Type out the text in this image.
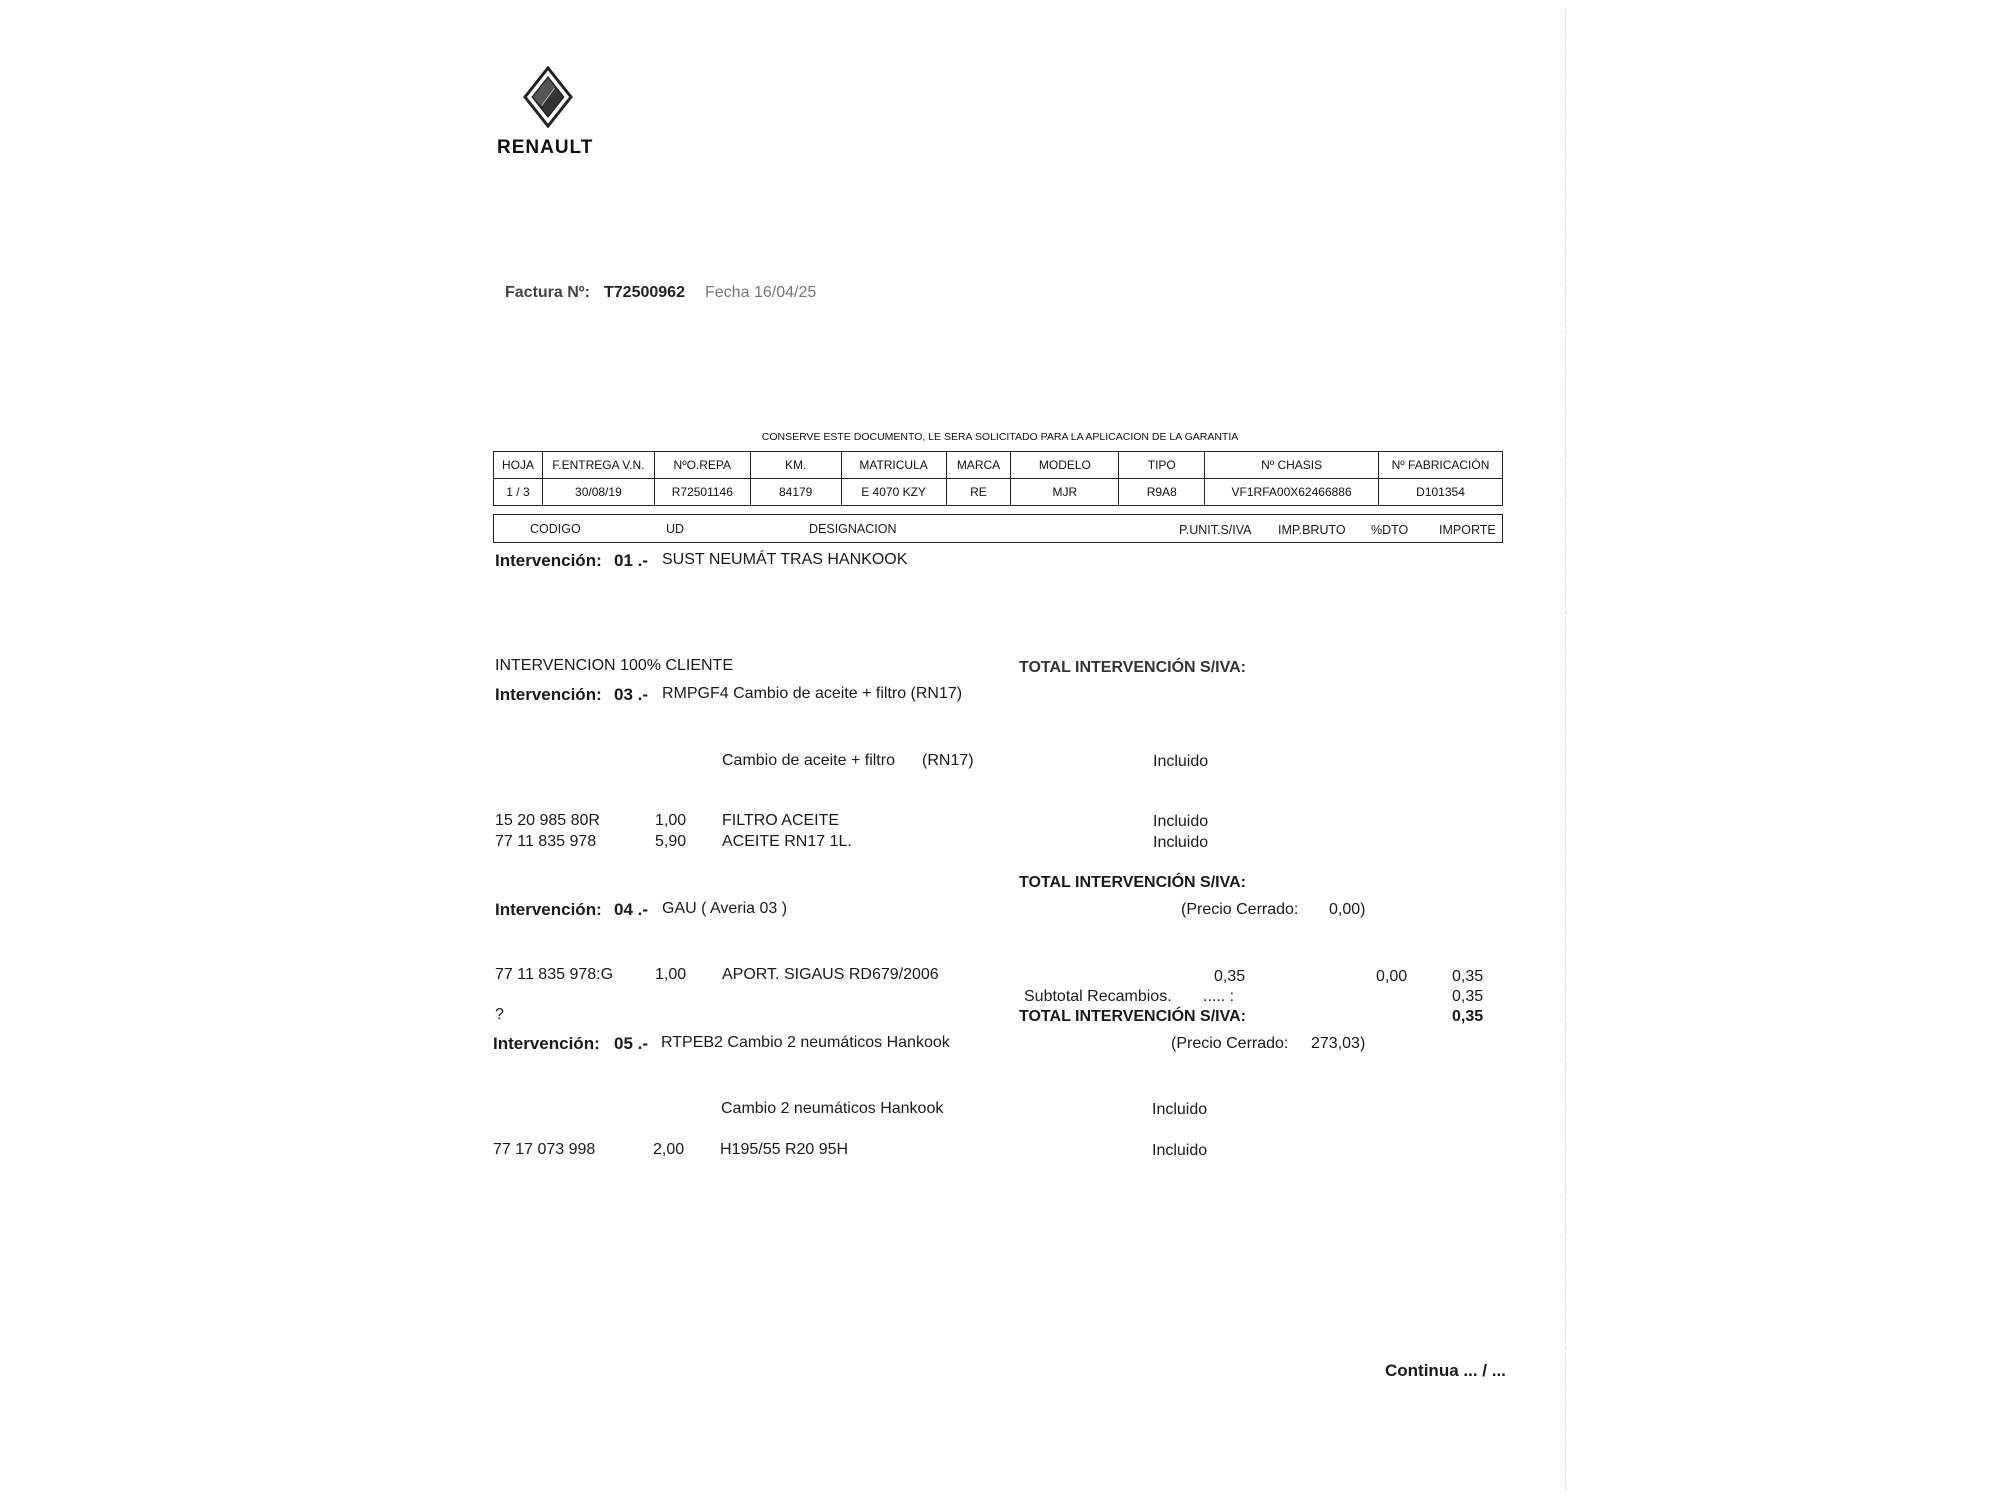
RENAULT
Factura Nº: T72500962 Fecha 16/04/25
CONSERVE ESTE DOCUMENTO, LE SERA SOLICITADO PARA LA APLICACION DE LA GARANTIA
HOJA	F.ENTREGA V.N.	NºO.REPA	KM.	MATRICULA	MARCA	MODELO	TIPO	Nº CHASIS	Nº FABRICACIÓN
1 / 3	30/08/19	R72501146	84179	E 4070 KZY	RE	MJR	R9A8	VF1RFA00X62466886	D101354
CODIGO	UD	DESIGNACION	P.UNIT.S/IVA IMP.BRUTO %DTO IMPORTE
Intervención: 01 .- SUST NEUMÁT TRAS HANKOOK
INTERVENCION 100% CLIENTE	TOTAL INTERVENCIÓN S/IVA:
Intervención: 03 .- RMPGF4 Cambio de aceite + filtro (RN17)
Cambio de aceite + filtro (RN17)	Incluido
15 20 985 80R	1,00 FILTRO ACEITE	Incluido
77 11 835 978	5,90 ACEITE RN17 1L.	Incluido
TOTAL INTERVENCIÓN S/IVA:
Intervención: 04 .- GAU ( Averia 03 )	(Precio Cerrado: 0,00)
77 11 835 978:G	1,00 APORT. SIGAUS RD679/2006	0,35	0,00	0,35
Subtotal Recambios. ..... :	0,35
?	TOTAL INTERVENCIÓN S/IVA:	0,35
Intervención: 05 .- RTPEB2 Cambio 2 neumáticos Hankook	(Precio Cerrado: 273,03)
Cambio 2 neumáticos Hankook	Incluido
77 17 073 998	2,00 H195/55 R20 95H	Incluido
Continua ... / ...
